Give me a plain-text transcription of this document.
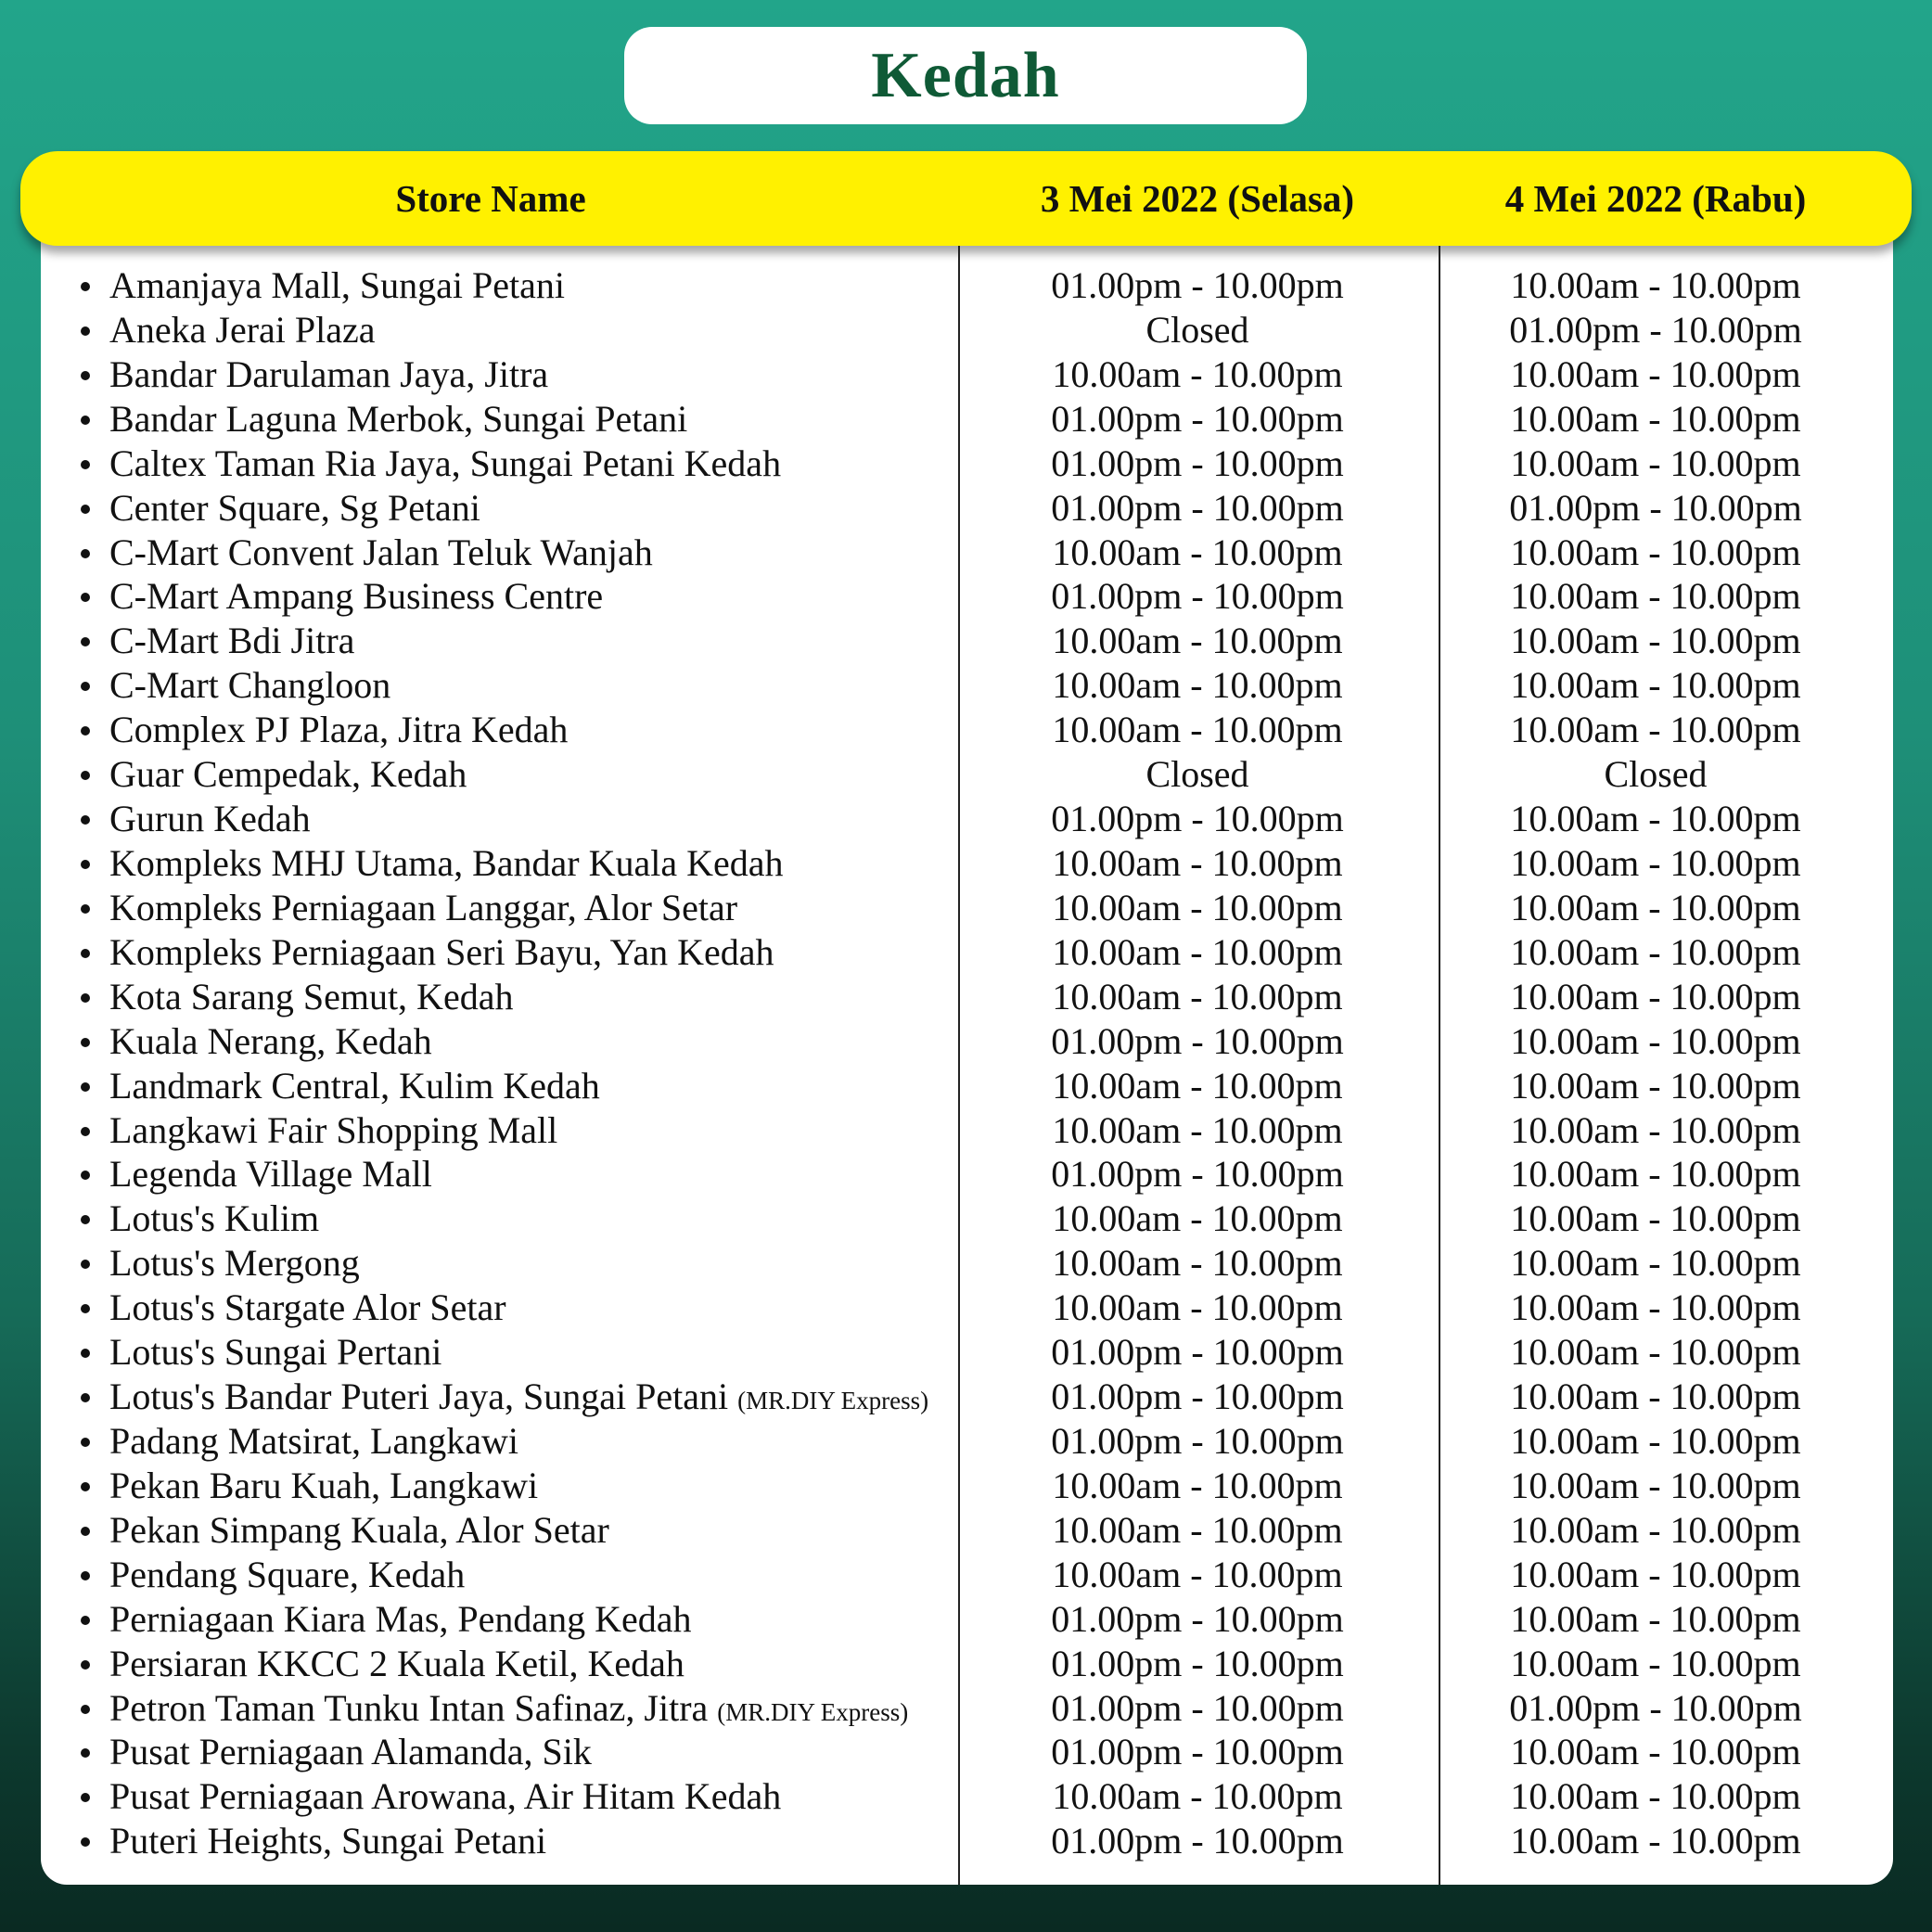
Kedah
Store Name	3 Mei 2022 (Selasa)	4 Mei 2022 (Rabu)
Amanjaya Mall, Sungai Petani	01.00pm - 10.00pm	10.00am - 10.00pm
Aneka Jerai Plaza	Closed	01.00pm - 10.00pm
Bandar Darulaman Jaya, Jitra	10.00am - 10.00pm	10.00am - 10.00pm
Bandar Laguna Merbok, Sungai Petani	01.00pm - 10.00pm	10.00am - 10.00pm
Caltex Taman Ria Jaya, Sungai Petani Kedah	01.00pm - 10.00pm	10.00am - 10.00pm
Center Square, Sg Petani	01.00pm - 10.00pm	01.00pm - 10.00pm
C-Mart Convent Jalan Teluk Wanjah	10.00am - 10.00pm	10.00am - 10.00pm
C-Mart Ampang Business Centre	01.00pm - 10.00pm	10.00am - 10.00pm
C-Mart Bdi Jitra	10.00am - 10.00pm	10.00am - 10.00pm
C-Mart Changloon	10.00am - 10.00pm	10.00am - 10.00pm
Complex PJ Plaza, Jitra Kedah	10.00am - 10.00pm	10.00am - 10.00pm
Guar Cempedak, Kedah	Closed	Closed
Gurun Kedah	01.00pm - 10.00pm	10.00am - 10.00pm
Kompleks MHJ Utama, Bandar Kuala Kedah	10.00am - 10.00pm	10.00am - 10.00pm
Kompleks Perniagaan Langgar, Alor Setar	10.00am - 10.00pm	10.00am - 10.00pm
Kompleks Perniagaan Seri Bayu, Yan Kedah	10.00am - 10.00pm	10.00am - 10.00pm
Kota Sarang Semut, Kedah	10.00am - 10.00pm	10.00am - 10.00pm
Kuala Nerang, Kedah	01.00pm - 10.00pm	10.00am - 10.00pm
Landmark Central, Kulim Kedah	10.00am - 10.00pm	10.00am - 10.00pm
Langkawi Fair Shopping Mall	10.00am - 10.00pm	10.00am - 10.00pm
Legenda Village Mall	01.00pm - 10.00pm	10.00am - 10.00pm
Lotus's Kulim	10.00am - 10.00pm	10.00am - 10.00pm
Lotus's Mergong	10.00am - 10.00pm	10.00am - 10.00pm
Lotus's Stargate Alor Setar	10.00am - 10.00pm	10.00am - 10.00pm
Lotus's Sungai Pertani	01.00pm - 10.00pm	10.00am - 10.00pm
Lotus's Bandar Puteri Jaya, Sungai Petani (MR.DIY Express)	01.00pm - 10.00pm	10.00am - 10.00pm
Padang Matsirat, Langkawi	01.00pm - 10.00pm	10.00am - 10.00pm
Pekan Baru Kuah, Langkawi	10.00am - 10.00pm	10.00am - 10.00pm
Pekan Simpang Kuala, Alor Setar	10.00am - 10.00pm	10.00am - 10.00pm
Pendang Square, Kedah	10.00am - 10.00pm	10.00am - 10.00pm
Perniagaan Kiara Mas, Pendang Kedah	01.00pm - 10.00pm	10.00am - 10.00pm
Persiaran KKCC 2 Kuala Ketil, Kedah	01.00pm - 10.00pm	10.00am - 10.00pm
Petron Taman Tunku Intan Safinaz, Jitra (MR.DIY Express)	01.00pm - 10.00pm	01.00pm - 10.00pm
Pusat Perniagaan Alamanda, Sik	01.00pm - 10.00pm	10.00am - 10.00pm
Pusat Perniagaan Arowana, Air Hitam Kedah	10.00am - 10.00pm	10.00am - 10.00pm
Puteri Heights, Sungai Petani	01.00pm - 10.00pm	10.00am - 10.00pm
